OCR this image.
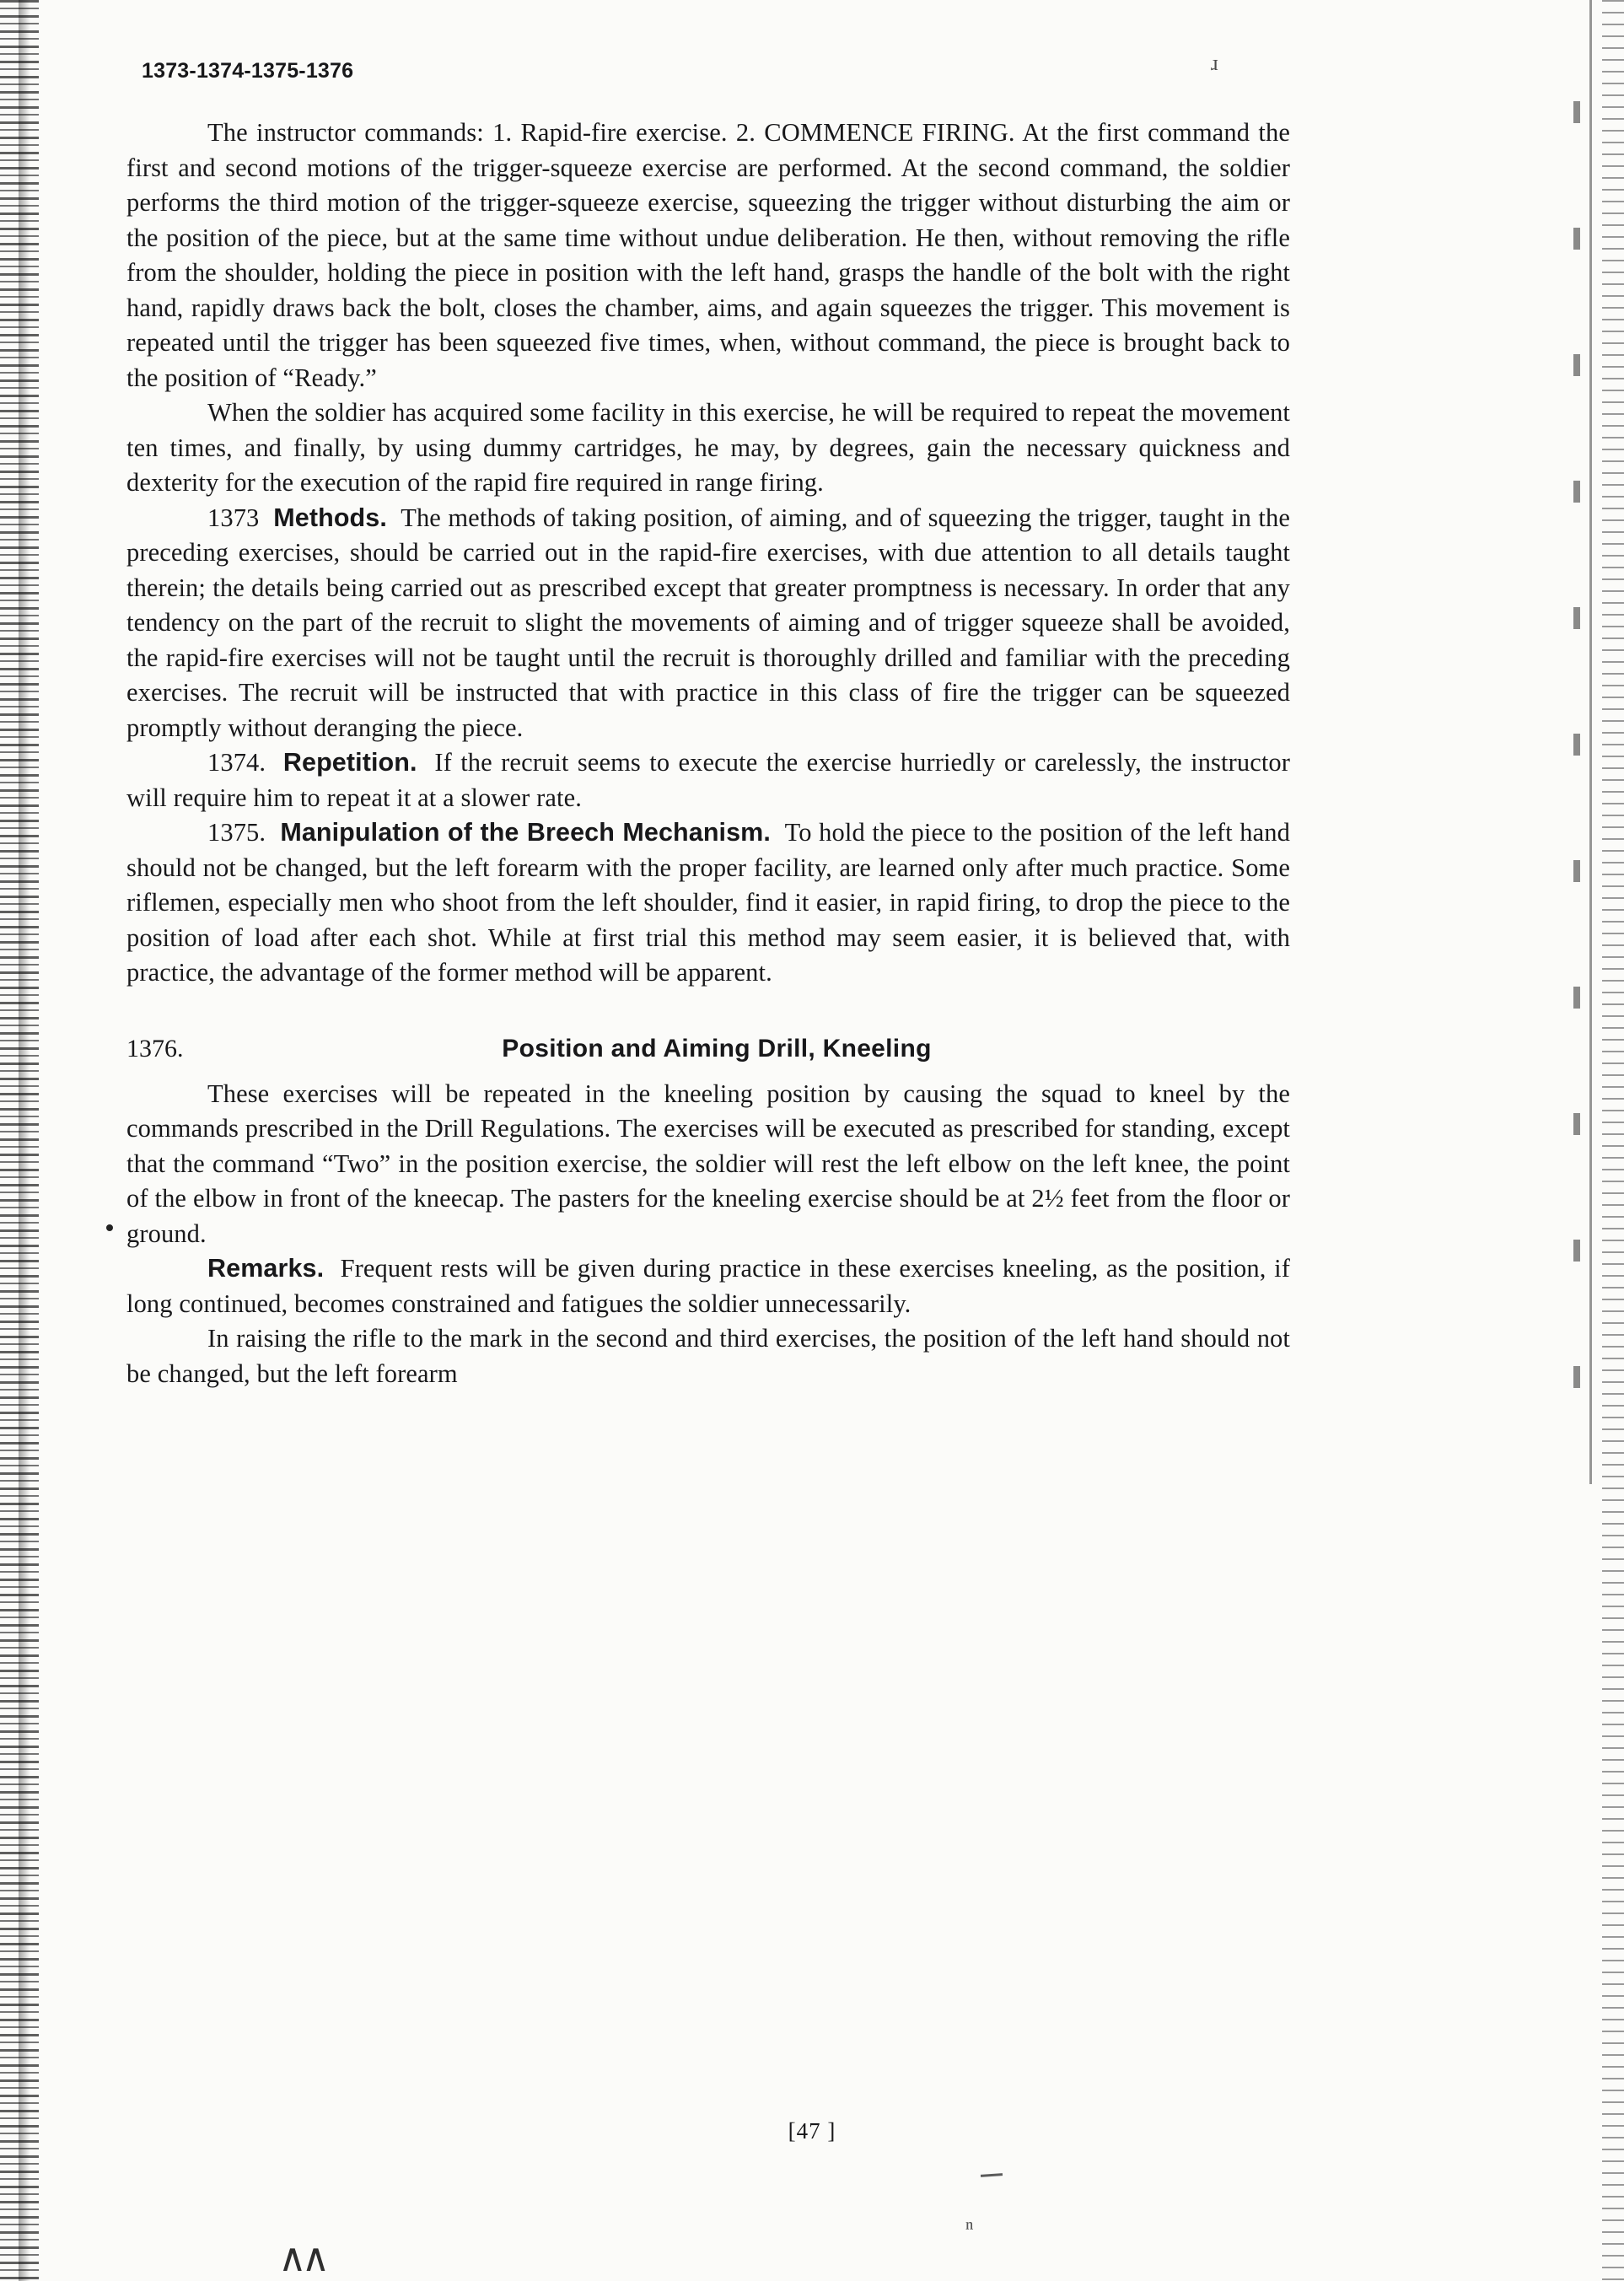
ɹ
1373-1374-1375-1376

The instructor commands: 1. Rapid-fire exercise. 2. COMMENCE FIRING. At the first command the first and second motions of the trigger-squeeze exercise are performed. At the second command, the soldier performs the third motion of the trigger-squeeze exercise, squeezing the trigger without disturbing the aim or the position of the piece, but at the same time without undue deliberation. He then, without removing the rifle from the shoulder, holding the piece in position with the left hand, grasps the handle of the bolt with the right hand, rapidly draws back the bolt, closes the chamber, aims, and again squeezes the trigger. This movement is repeated until the trigger has been squeezed five times, when, without command, the piece is brought back to the position of “Ready.”

When the soldier has acquired some facility in this exercise, he will be required to repeat the movement ten times, and finally, by using dummy cartridges, he may, by degrees, gain the necessary quickness and dexterity for the execution of the rapid fire required in range firing.

1373 Methods. The methods of taking position, of aiming, and of squeezing the trigger, taught in the preceding exercises, should be carried out in the rapid-fire exercises, with due attention to all details taught therein; the details being carried out as prescribed except that greater promptness is necessary. In order that any tendency on the part of the recruit to slight the movements of aiming and of trigger squeeze shall be avoided, the rapid-fire exercises will not be taught until the recruit is thoroughly drilled and familiar with the preceding exercises. The recruit will be instructed that with practice in this class of fire the trigger can be squeezed promptly without deranging the piece.

1374. Repetition. If the recruit seems to execute the exercise hurriedly or carelessly, the instructor will require him to repeat it at a slower rate.

1375. Manipulation of the Breech Mechanism. To hold the piece to the position of the left hand should not be changed, but the left forearm with the proper facility, are learned only after much practice. Some riflemen, especially men who shoot from the left shoulder, find it easier, in rapid firing, to drop the piece to the position of load after each shot. While at first trial this method may seem easier, it is believed that, with practice, the advantage of the former method will be apparent.

1376.	Position and Aiming Drill, Kneeling

These exercises will be repeated in the kneeling position by causing the squad to kneel by the commands prescribed in the Drill Regulations. The exercises will be executed as prescribed for standing, except that the command “Two” in the position exercise, the soldier will rest the left elbow on the left knee, the point of the elbow in front of the kneecap. The pasters for the kneeling exercise should be at 2½ feet from the floor or ground.

Remarks. Frequent rests will be given during practice in these exercises kneeling, as the position, if long continued, becomes constrained and fatigues the soldier unnecessarily.

In raising the rifle to the mark in the second and third exercises, the position of the left hand should not be changed, but the left forearm

[47 ]
ⁿ
∧∧
